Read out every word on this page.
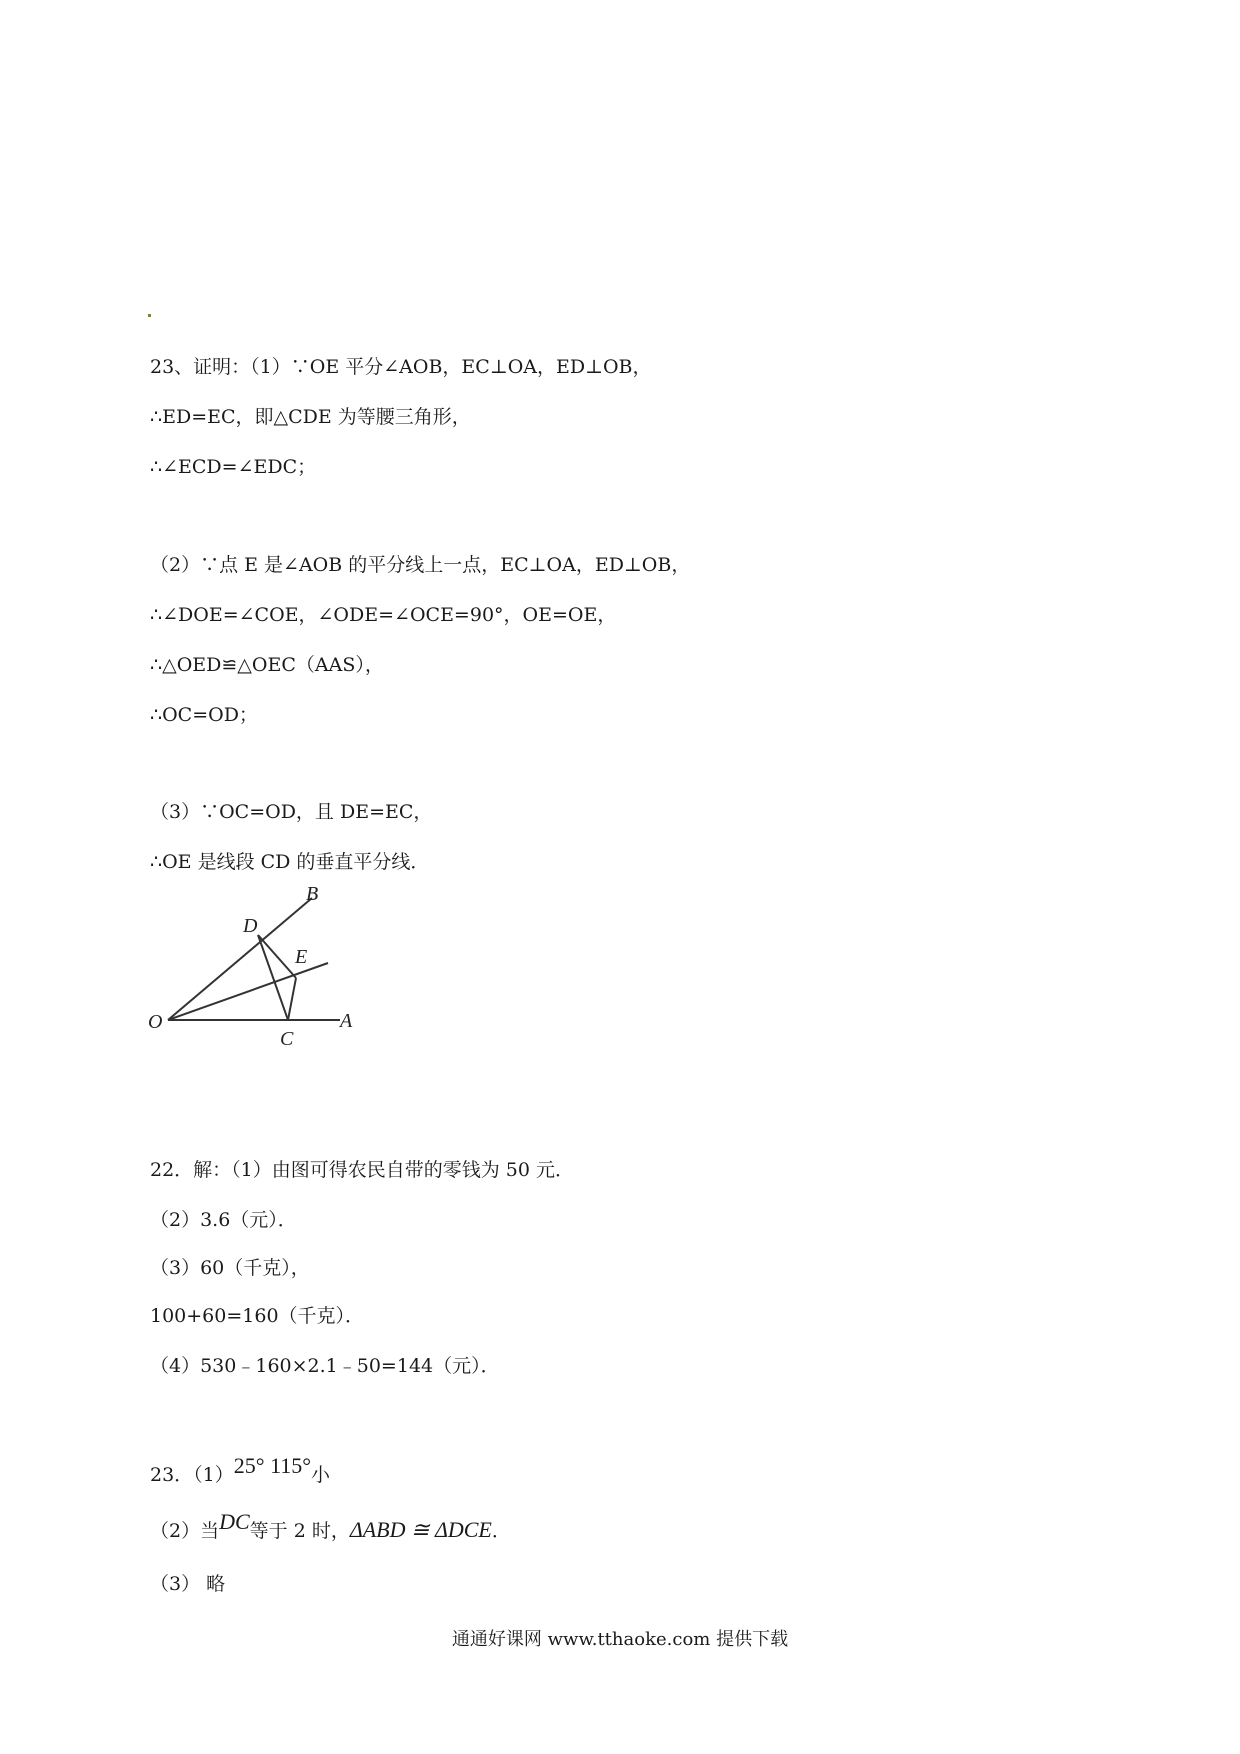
23、证明：（1）∵OE 平分∠AOB，EC⊥OA，ED⊥OB，
∴ED=EC，即△CDE 为等腰三角形，
∴∠ECD=∠EDC；
（2）∵点 E 是∠AOB 的平分线上一点，EC⊥OA，ED⊥OB，
∴∠DOE=∠COE，∠ODE=∠OCE=90°，OE=OE，
∴△OED≌△OEC（AAS），
∴OC=OD；
（3）∵OC=OD，且 DE=EC，
∴OE 是线段 CD 的垂直平分线．
B
D
E
O
C
A
22．解：（1）由图可得农民自带的零钱为 50 元．
（2）3.6（元）．
（3）60（千克），
100+60=160（千克）．
（4）530﹣160×2.1﹣50=144（元）．
23．（1）25° 115°小
（2）当DC等于 2 时，ΔABD ≅ ΔDCE．
（3） 略
通通好课网 www.tthaoke.com 提供下载
